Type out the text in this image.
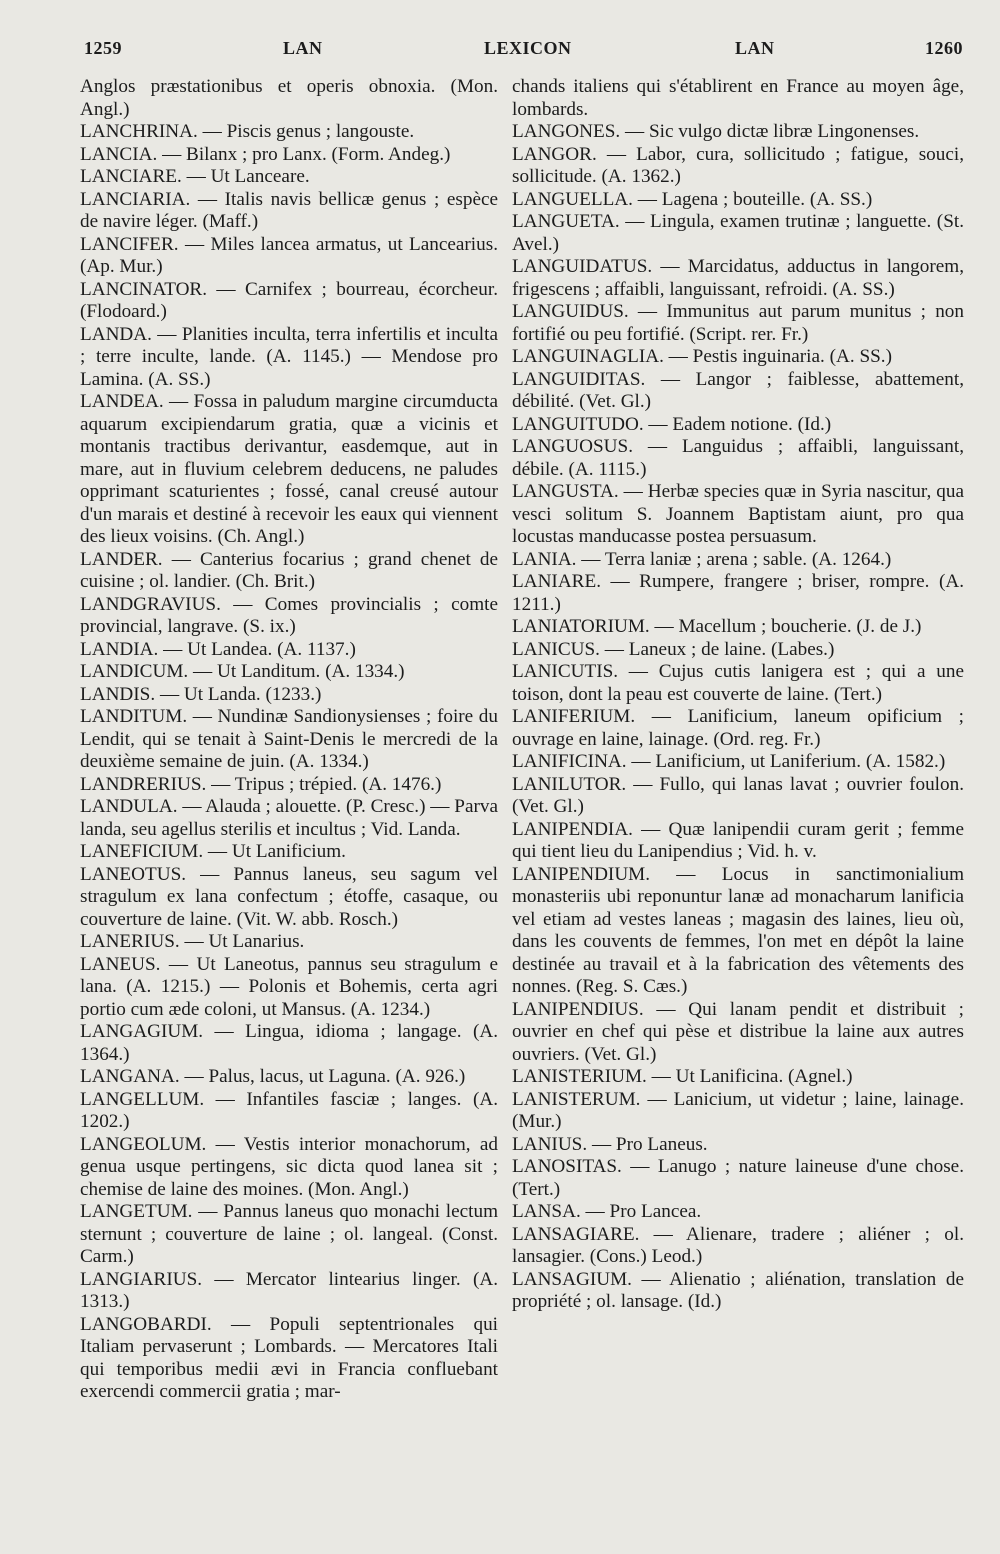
1259	LAN	LEXICON	LAN	1260

Anglos præstationibus et operis obnoxia. (Mon. Angl.)

LANCHRINA. — Piscis genus ; langouste.

LANCIA. — Bilanx ; pro Lanx. (Form. Andeg.)

LANCIARE. — Ut Lanceare.

LANCIARIA. — Italis navis bellicæ genus ; espèce de navire léger. (Maff.)

LANCIFER. — Miles lancea armatus, ut Lancearius. (Ap. Mur.)

LANCINATOR. — Carnifex ; bourreau, écorcheur. (Flodoard.)

LANDA. — Planities inculta, terra infertilis et inculta ; terre inculte, lande. (A. 1145.) — Mendose pro Lamina. (A. SS.)

LANDEA. — Fossa in paludum margine circumducta aquarum excipiendarum gratia, quæ a vicinis et montanis tractibus derivantur, easdemque, aut in mare, aut in fluvium celebrem deducens, ne paludes opprimant scaturientes ; fossé, canal creusé autour d'un marais et destiné à recevoir les eaux qui viennent des lieux voisins. (Ch. Angl.)

LANDER. — Canterius focarius ; grand chenet de cuisine ; ol. landier. (Ch. Brit.)

LANDGRAVIUS. — Comes provincialis ; comte provincial, langrave. (S. ix.)

LANDIA. — Ut Landea. (A. 1137.)

LANDICUM. — Ut Landitum. (A. 1334.)

LANDIS. — Ut Landa. (1233.)

LANDITUM. — Nundinæ Sandionysienses ; foire du Lendit, qui se tenait à Saint-Denis le mercredi de la deuxième semaine de juin. (A. 1334.)

LANDRERIUS. — Tripus ; trépied. (A. 1476.)

LANDULA. — Alauda ; alouette. (P. Cresc.) — Parva landa, seu agellus sterilis et incultus ; Vid. Landa.

LANEFICIUM. — Ut Lanificium.

LANEOTUS. — Pannus laneus, seu sagum vel stragulum ex lana confectum ; étoffe, casaque, ou couverture de laine. (Vit. W. abb. Rosch.)

LANERIUS. — Ut Lanarius.

LANEUS. — Ut Laneotus, pannus seu stragulum e lana. (A. 1215.) — Polonis et Bohemis, certa agri portio cum æde coloni, ut Mansus. (A. 1234.)

LANGAGIUM. — Lingua, idioma ; langage. (A. 1364.)

LANGANA. — Palus, lacus, ut Laguna. (A. 926.)

LANGELLUM. — Infantiles fasciæ ; langes. (A. 1202.)

LANGEOLUM. — Vestis interior monachorum, ad genua usque pertingens, sic dicta quod lanea sit ; chemise de laine des moines. (Mon. Angl.)

LANGETUM. — Pannus laneus quo monachi lectum sternunt ; couverture de laine ; ol. langeal. (Const. Carm.)

LANGIARIUS. — Mercator lintearius linger. (A. 1313.)

LANGOBARDI. — Populi septentrionales qui Italiam pervaserunt ; Lombards. — Mercatores Itali qui temporibus medii ævi in Francia confluebant exercendi commercii gratia ; mar-

chands italiens qui s'établirent en France au moyen âge, lombards.

LANGONES. — Sic vulgo dictæ libræ Lingonenses.

LANGOR. — Labor, cura, sollicitudo ; fatigue, souci, sollicitude. (A. 1362.)

LANGUELLA. — Lagena ; bouteille. (A. SS.)

LANGUETA. — Lingula, examen trutinæ ; languette. (St. Avel.)

LANGUIDATUS. — Marcidatus, adductus in langorem, frigescens ; affaibli, languissant, refroidi. (A. SS.)

LANGUIDUS. — Immunitus aut parum munitus ; non fortifié ou peu fortifié. (Script. rer. Fr.)

LANGUINAGLIA. — Pestis inguinaria. (A. SS.)

LANGUIDITAS. — Langor ; faiblesse, abattement, débilité. (Vet. Gl.)

LANGUITUDO. — Eadem notione. (Id.)

LANGUOSUS. — Languidus ; affaibli, languissant, débile. (A. 1115.)

LANGUSTA. — Herbæ species quæ in Syria nascitur, qua vesci solitum S. Joannem Baptistam aiunt, pro qua locustas manducasse postea persuasum.

LANIA. — Terra laniæ ; arena ; sable. (A. 1264.)

LANIARE. — Rumpere, frangere ; briser, rompre. (A. 1211.)

LANIATORIUM. — Macellum ; boucherie. (J. de J.)

LANICUS. — Laneux ; de laine. (Labes.)

LANICUTIS. — Cujus cutis lanigera est ; qui a une toison, dont la peau est couverte de laine. (Tert.)

LANIFERIUM. — Lanificium, laneum opificium ; ouvrage en laine, lainage. (Ord. reg. Fr.)

LANIFICINA. — Lanificium, ut Laniferium. (A. 1582.)

LANILUTOR. — Fullo, qui lanas lavat ; ouvrier foulon. (Vet. Gl.)

LANIPENDIA. — Quæ lanipendii curam gerit ; femme qui tient lieu du Lanipendius ; Vid. h. v.

LANIPENDIUM. — Locus in sanctimonialium monasteriis ubi reponuntur lanæ ad monacharum lanificia vel etiam ad vestes laneas ; magasin des laines, lieu où, dans les couvents de femmes, l'on met en dépôt la laine destinée au travail et à la fabrication des vêtements des nonnes. (Reg. S. Cæs.)

LANIPENDIUS. — Qui lanam pendit et distribuit ; ouvrier en chef qui pèse et distribue la laine aux autres ouvriers. (Vet. Gl.)

LANISTERIUM. — Ut Lanificina. (Agnel.)

LANISTERUM. — Lanicium, ut videtur ; laine, lainage. (Mur.)

LANIUS. — Pro Laneus.

LANOSITAS. — Lanugo ; nature laineuse d'une chose. (Tert.)

LANSA. — Pro Lancea.

LANSAGIARE. — Alienare, tradere ; aliéner ; ol. lansagier. (Cons.) Leod.)

LANSAGIUM. — Alienatio ; aliénation, translation de propriété ; ol. lansage. (Id.)
